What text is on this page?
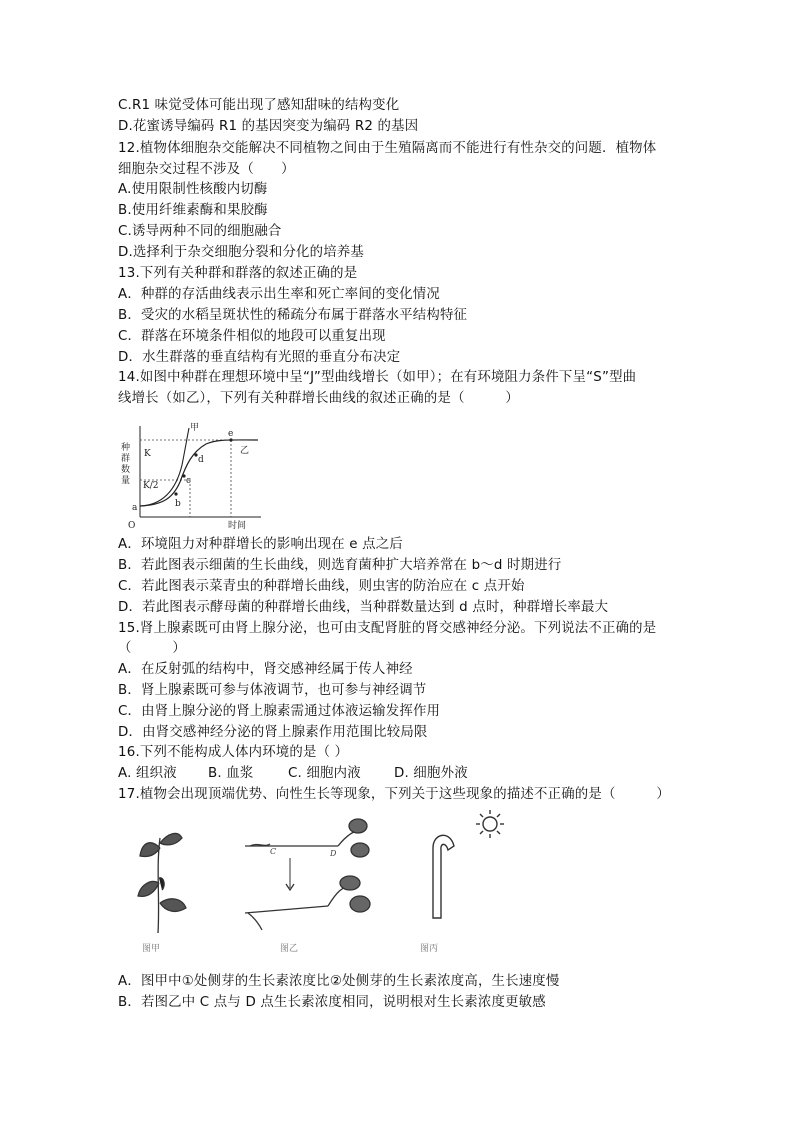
C.R1 味觉受体可能出现了感知甜味的结构变化
D.花蜜诱导编码 R1 的基因突变为编码 R2 的基因
12.植物体细胞杂交能解决不同植物之间由于生殖隔离而不能进行有性杂交的问题．植物体
细胞杂交过程不涉及（　　）
A.使用限制性核酸内切酶
B.使用纤维素酶和果胶酶
C.诱导两种不同的细胞融合
D.选择利于杂交细胞分裂和分化的培养基
13.下列有关种群和群落的叙述正确的是
A．种群的存活曲线表示出生率和死亡率间的变化情况
B．受灾的水稻呈斑状性的稀疏分布属于群落水平结构特征
C．群落在环境条件相似的地段可以重复出现
D．水生群落的垂直结构有光照的垂直分布决定
14.如图中种群在理想环境中呈“J”型曲线增长（如甲）；在有环境阻力条件下呈“S”型曲
线增长（如乙），下列有关种群增长曲线的叙述正确的是（　　　）
种
群
数
量
K
K/2
a	b
c
d
e
甲
乙
O	时间
A．环境阻力对种群增长的影响出现在 e 点之后
B．若此图表示细菌的生长曲线，则选育菌种扩大培养常在 b～d 时期进行
C．若此图表示菜青虫的种群增长曲线，则虫害的防治应在 c 点开始
D．若此图表示酵母菌的种群增长曲线，当种群数量达到 d 点时，种群增长率最大
15.肾上腺素既可由肾上腺分泌，也可由支配肾脏的肾交感神经分泌。下列说法不正确的是
（　　　）
A．在反射弧的结构中，肾交感神经属于传人神经
B．肾上腺素既可参与体液调节，也可参与神经调节
C．由肾上腺分泌的肾上腺素需通过体液运输发挥作用
D．由肾交感神经分泌的肾上腺素作用范围比较局限
16.下列不能构成人体内环境的是（ ）
A. 组织液 B. 血浆	C. 细胞内液 D. 细胞外液
17.植物会出现顶端优势、向性生长等现象，下列关于这些现象的描述不正确的是（　　　）
C	D
图甲	图乙	图丙
A．图甲中①处侧芽的生长素浓度比②处侧芽的生长素浓度高，生长速度慢
B．若图乙中 C 点与 D 点生长素浓度相同，说明根对生长素浓度更敏感
